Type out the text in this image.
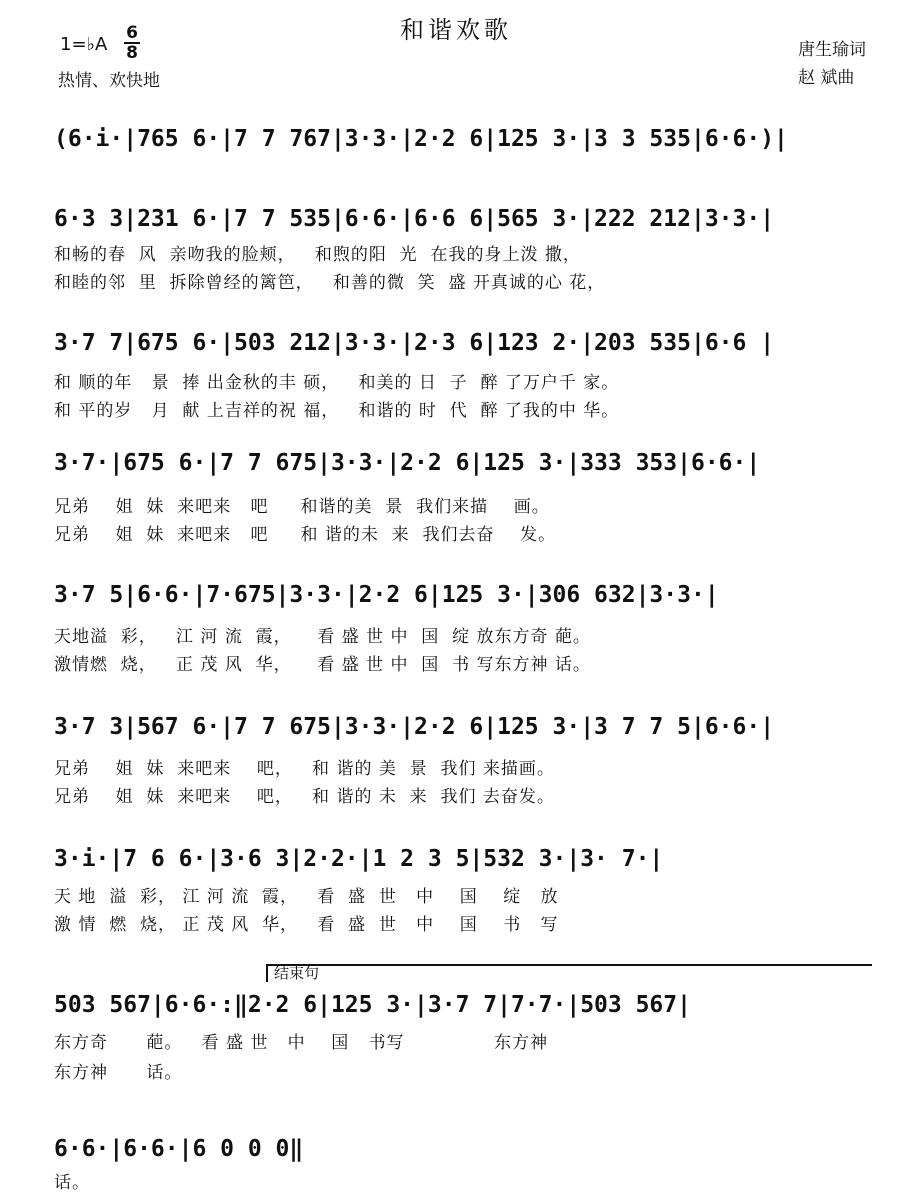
和谐欢歌
1=♭A
6
8
热情、欢快地
唐生瑜词
赵 斌曲
(6·i·|765 6·|7 7 767|3·3·|2·2 6|125 3·|3 3 535|6·6·)|
6·3 3|231 6·|7 7 535|6·6·|6·6 6|565 3·|222 212|3·3·|
和畅的春  风  亲吻我的脸颊，   和煦的阳  光  在我的身上泼 撒，
和睦的邻  里  拆除曾经的篱笆，   和善的微  笑  盛 开真诚的心 花，
3·7 7|675 6·|503 212|3·3·|2·3 6|123 2·|203 535|6·6 |
和 顺的年   景  捧 出金秋的丰 硕，   和美的 日  子  醉 了万户千 家。
和 平的岁   月  献 上吉祥的祝 福，   和谐的 时  代  醉 了我的中 华。
3·7·|675 6·|7 7 675|3·3·|2·2 6|125 3·|333 353|6·6·|
兄弟    姐  妹  来吧来   吧     和谐的美  景  我们来描    画。
兄弟    姐  妹  来吧来   吧     和 谐的未  来  我们去奋    发。
3·7 5|6·6·|7·675|3·3·|2·2 6|125 3·|306 632|3·3·|
天地溢  彩，   江 河 流  霞，    看 盛 世 中  国  绽 放东方奇 葩。
激情燃  烧，   正 茂 风  华，    看 盛 世 中  国  书 写东方神 话。
3·7 3|567 6·|7 7 675|3·3·|2·2 6|125 3·|3 7 7 5|6·6·|
兄弟    姐  妹  来吧来    吧，   和 谐的 美  景  我们 来描画。
兄弟    姐  妹  来吧来    吧，   和 谐的 未  来  我们 去奋发。
3·i·|7 6 6·|3·6 3|2·2·|1 2 3 5|532 3·|3· 7·|
天 地  溢  彩， 江 河 流  霞，   看  盛  世   中    国    绽   放
激 情  燃  烧， 正 茂 风  华，   看  盛  世   中    国    书   写
结束句
503 567|6·6·:‖2·2 6|125 3·|3·7 7|7·7·|503 567|
东方奇      葩。   看 盛 世   中    国   书写              东方神
东方神      话。
6·6·|6·6·|6 0 0 0‖
话。
